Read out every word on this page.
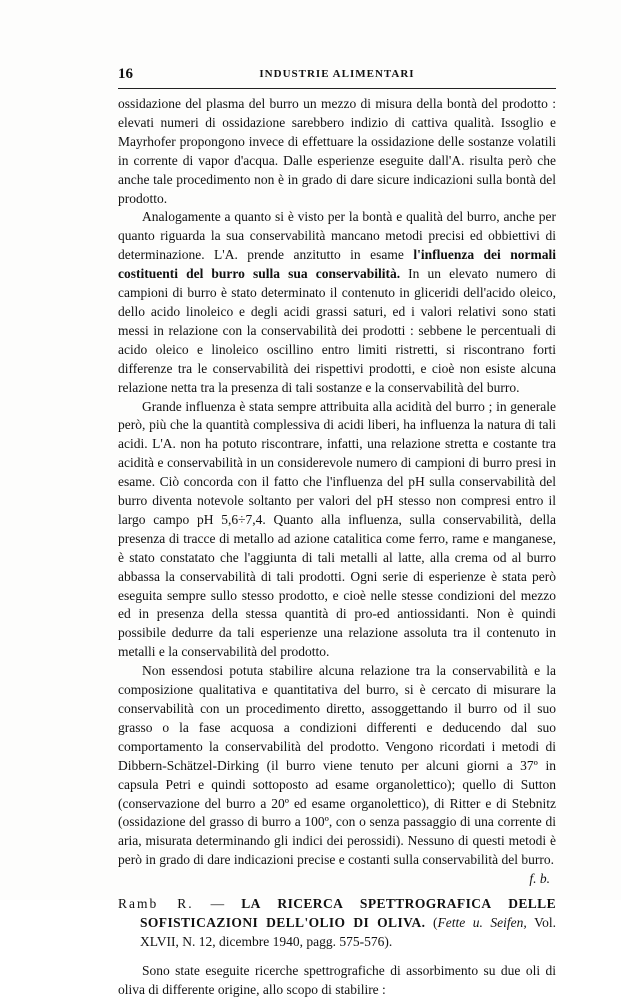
16	INDUSTRIE ALIMENTARI

ossidazione del plasma del burro un mezzo di misura della bontà del prodotto : elevati numeri di ossidazione sarebbero indizio di cattiva qualità. Issoglio e Mayrhofer propongono invece di effettuare la ossidazione delle sostanze volatili in corrente di vapor d'acqua. Dalle esperienze eseguite dall'A. risulta però che anche tale procedimento non è in grado di dare sicure indicazioni sulla bontà del prodotto.

Analogamente a quanto si è visto per la bontà e qualità del burro, anche per quanto riguarda la sua conservabilità mancano metodi precisi ed obbiettivi di determinazione. L'A. prende anzitutto in esame l'influenza dei normali costituenti del burro sulla sua conservabilità. In un elevato numero di campioni di burro è stato determinato il contenuto in gliceridi dell'acido oleico, dello acido linoleico e degli acidi grassi saturi, ed i valori relativi sono stati messi in relazione con la conservabilità dei prodotti : sebbene le percentuali di acido oleico e linoleico oscillino entro limiti ristretti, si riscontrano forti differenze tra le conservabilità dei rispettivi prodotti, e cioè non esiste alcuna relazione netta tra la presenza di tali sostanze e la conservabilità del burro.

Grande influenza è stata sempre attribuita alla acidità del burro ; in generale però, più che la quantità complessiva di acidi liberi, ha influenza la natura di tali acidi. L'A. non ha potuto riscontrare, infatti, una relazione stretta e costante tra acidità e conservabilità in un considerevole numero di campioni di burro presi in esame. Ciò concorda con il fatto che l'influenza del pH sulla conservabilità del burro diventa notevole soltanto per valori del pH stesso non compresi entro il largo campo pH 5,6÷7,4. Quanto alla influenza, sulla conservabilità, della presenza di tracce di metallo ad azione catalitica come ferro, rame e manganese, è stato constatato che l'aggiunta di tali metalli al latte, alla crema od al burro abbassa la conservabilità di tali prodotti. Ogni serie di esperienze è stata però eseguita sempre sullo stesso prodotto, e cioè nelle stesse condizioni del mezzo ed in presenza della stessa quantità di pro-ed antiossidanti. Non è quindi possibile dedurre da tali esperienze una relazione assoluta tra il contenuto in metalli e la conservabilità del prodotto.

Non essendosi potuta stabilire alcuna relazione tra la conservabilità e la composizione qualitativa e quantitativa del burro, si è cercato di misurare la conservabilità con un procedimento diretto, assoggettando il burro od il suo grasso o la fase acquosa a condizioni differenti e deducendo dal suo comportamento la conservabilità del prodotto. Vengono ricordati i metodi di Dibbern-Schätzel-Dirking (il burro viene tenuto per alcuni giorni a 37º in capsula Petri e quindi sottoposto ad esame organolettico); quello di Sutton (conservazione del burro a 20º ed esame organolettico), di Ritter e di Stebnitz (ossidazione del grasso di burro a 100º, con o senza passaggio di una corrente di aria, misurata determinando gli indici dei perossidi). Nessuno di questi metodi è però in grado di dare indicazioni precise e costanti sulla conservabilità del burro.

f. b.

Ramb R. — LA RICERCA SPETTROGRAFICA DELLE SOFISTICAZIONI DELL'OLIO DI OLIVA. (Fette u. Seifen, Vol. XLVII, N. 12, dicembre 1940, pagg. 575-576).

Sono state eseguite ricerche spettrografiche di assorbimento su due oli di oliva di differente origine, allo scopo di stabilire :
